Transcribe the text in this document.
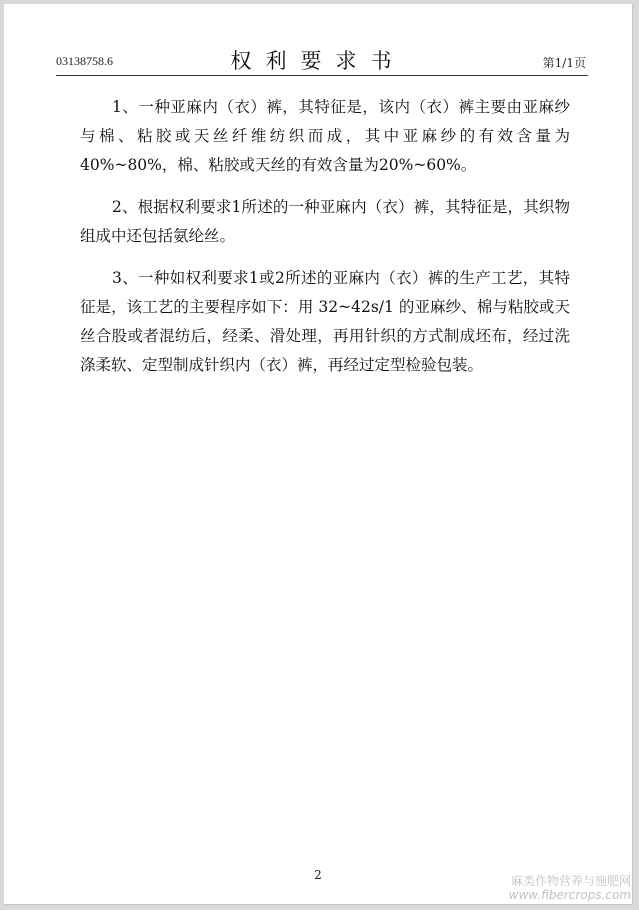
03138758.6	权利要求书	第1/1页

1、一种亚麻内（衣）裤，其特征是，该内（衣）裤主要由亚麻纱与棉、粘胶或天丝纤维纺织而成，其中亚麻纱的有效含量为40%~80%，棉、粘胶或天丝的有效含量为20%~60%。

2、根据权利要求1所述的一种亚麻内（衣）裤，其特征是，其织物组成中还包括氨纶丝。

3、一种如权利要求1或2所述的亚麻内（衣）裤的生产工艺，其特征是，该工艺的主要程序如下：用 32~42s/1 的亚麻纱、棉与粘胶或天丝合股或者混纺后，经柔、滑处理，再用针织的方式制成坯布，经过洗涤柔软、定型制成针织内（衣）裤，再经过定型检验包装。

2	麻类作物营养与施肥网
www.fibercrops.com
